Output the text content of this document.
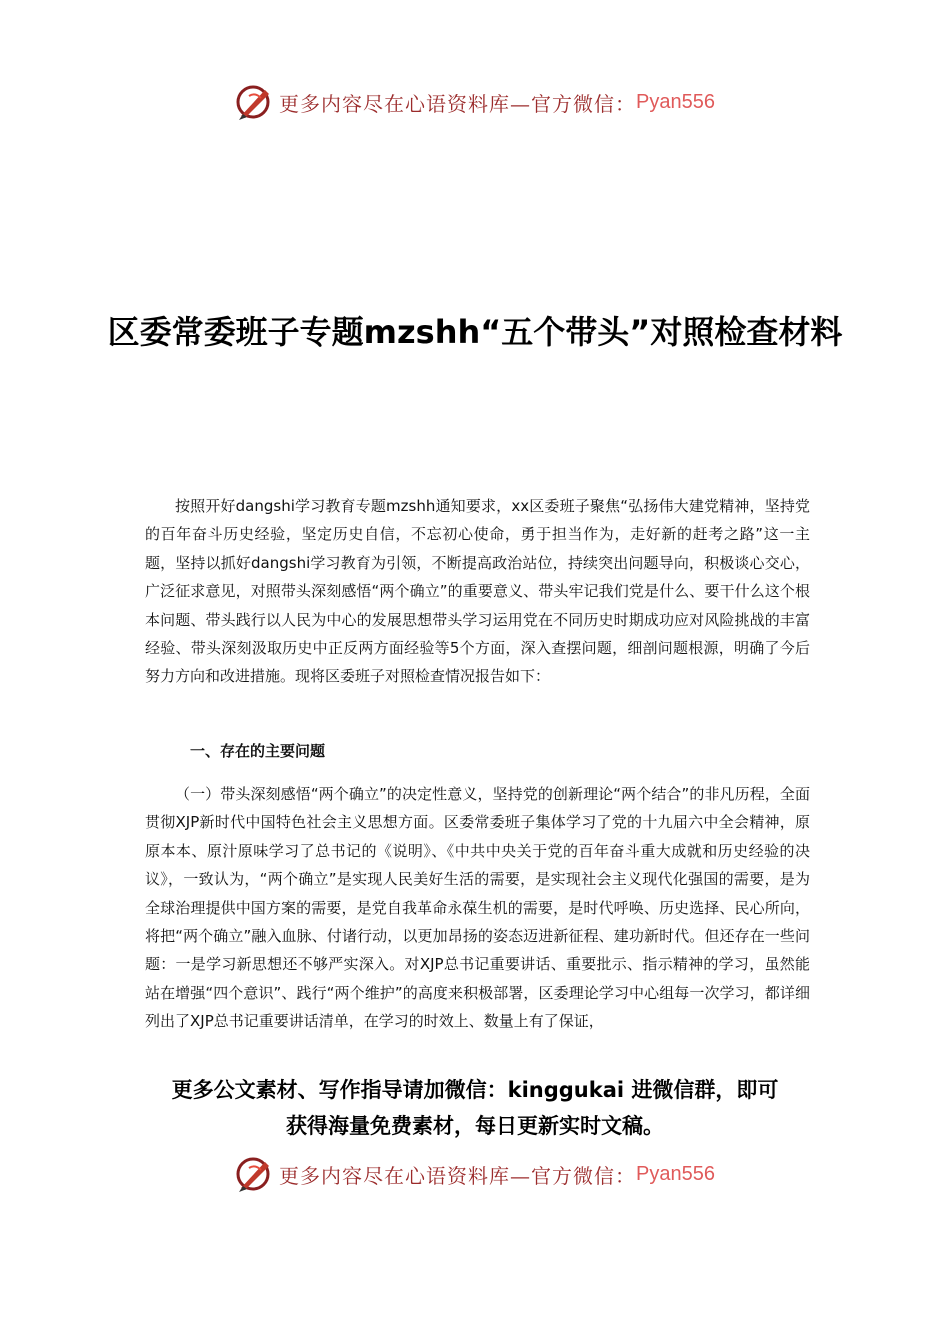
更多内容尽在心语资料库—官方微信： Pyan556
区委常委班子专题mzshh“五个带头”对照检查材料

按照开好dangshi学习教育专题mzshh通知要求，xx区委班子聚焦“弘扬伟大建党精神，坚持党的百年奋斗历史经验，坚定历史自信，不忘初心使命，勇于担当作为，走好新的赶考之路”这一主题，坚持以抓好dangshi学习教育为引领，不断提高政治站位，持续突出问题导向，积极谈心交心，广泛征求意见，对照带头深刻感悟“两个确立”的重要意义、带头牢记我们党是什么、要干什么这个根本问题、带头践行以人民为中心的发展思想带头学习运用党在不同历史时期成功应对风险挑战的丰富经验、带头深刻汲取历史中正反两方面经验等5个方面，深入查摆问题，细剖问题根源，明确了今后努力方向和改进措施。现将区委班子对照检查情况报告如下：

一、存在的主要问题

（一）带头深刻感悟“两个确立”的决定性意义，坚持党的创新理论“两个结合”的非凡历程，全面贯彻XJP新时代中国特色社会主义思想方面。区委常委班子集体学习了党的十九届六中全会精神，原原本本、原汁原味学习了总书记的《说明》、《中共中央关于党的百年奋斗重大成就和历史经验的决议》，一致认为，“两个确立”是实现人民美好生活的需要，是实现社会主义现代化强国的需要，是为全球治理提供中国方案的需要，是党自我革命永葆生机的需要，是时代呼唤、历史选择、民心所向，将把“两个确立”融入血脉、付诸行动，以更加昂扬的姿态迈进新征程、建功新时代。但还存在一些问题：一是学习新思想还不够严实深入。对XJP总书记重要讲话、重要批示、指示精神的学习，虽然能站在增强“四个意识”、践行“两个维护”的高度来积极部署，区委理论学习中心组每一次学习，都详细列出了XJP总书记重要讲话清单，在学习的时效上、数量上有了保证，

更多公文素材、写作指导请加微信：kinggukai 进微信群，即可
获得海量免费素材，每日更新实时文稿。
更多内容尽在心语资料库—官方微信： Pyan556
